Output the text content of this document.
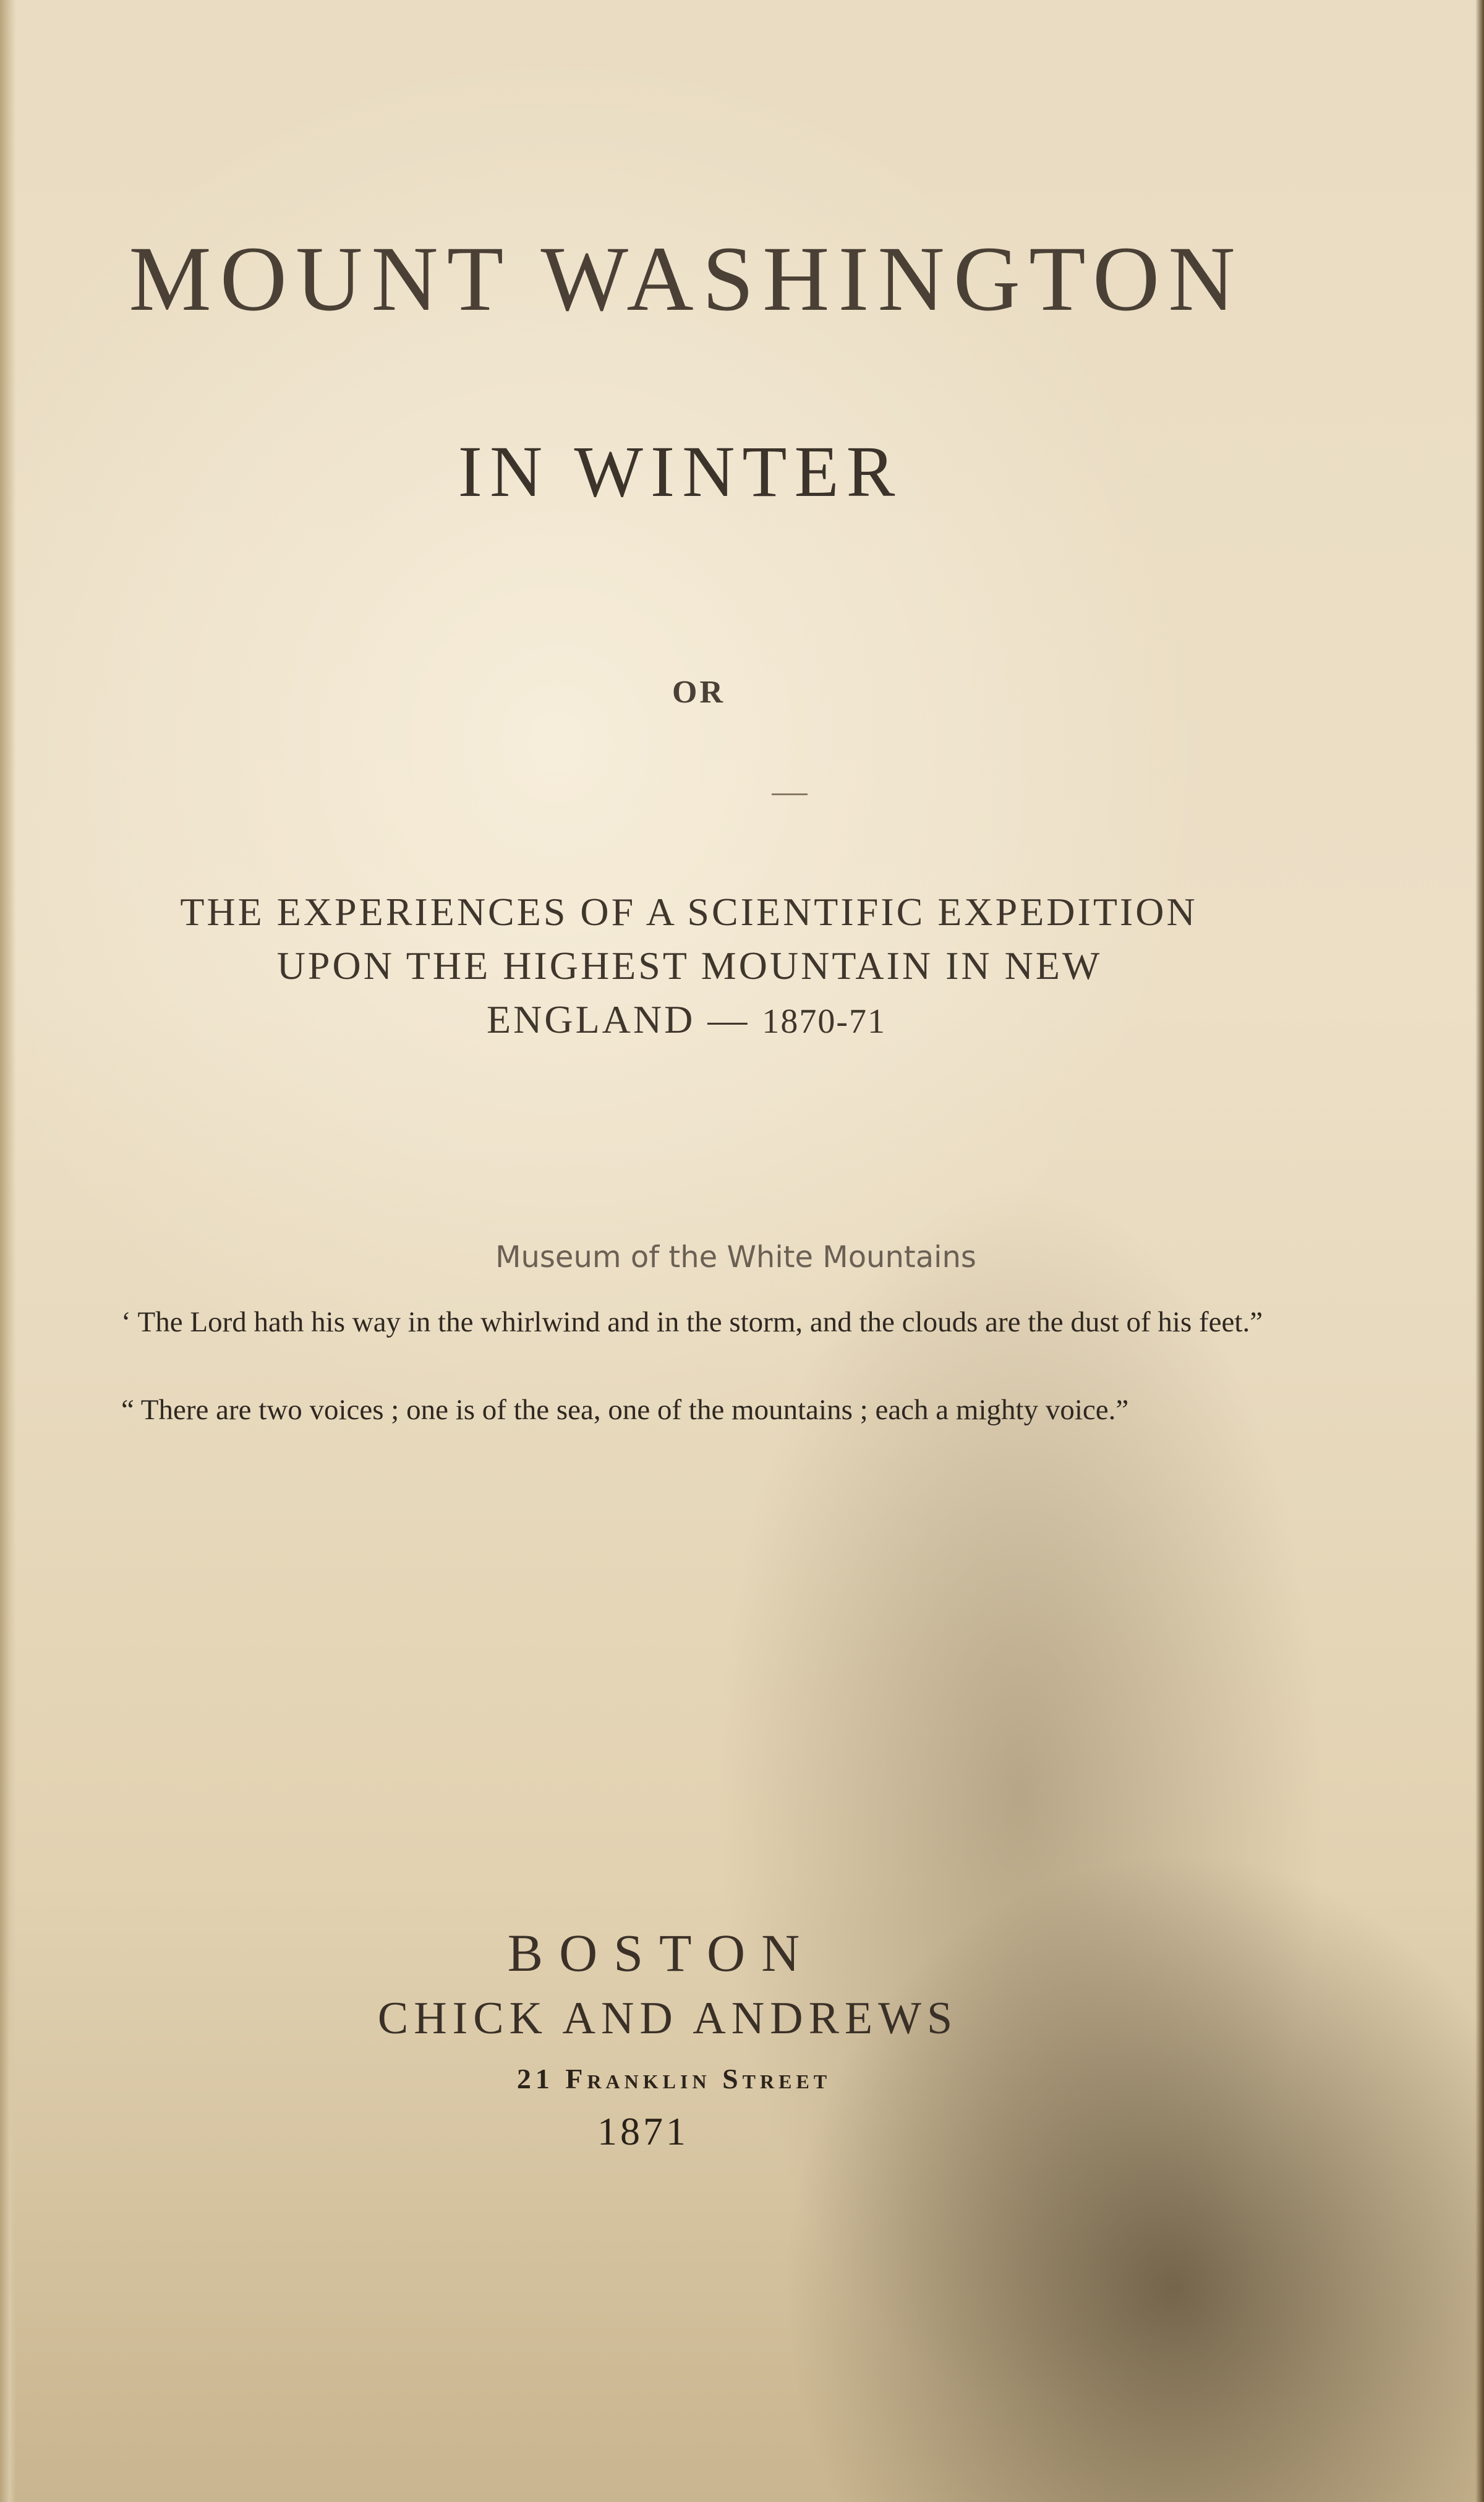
MOUNT WASHINGTON
IN WINTER
OR
THE EXPERIENCES OF A SCIENTIFIC EXPEDITION
UPON THE HIGHEST MOUNTAIN IN NEW
ENGLAND — 1870-71
Museum of the White Mountains
‘ The Lord hath his way in the whirlwind and in the storm, and the clouds are the dust of his feet.”
“ There are two voices ; one is of the sea, one of the mountains ; each a mighty voice.”
BOSTON
CHICK AND ANDREWS
21 Franklin Street
1871
